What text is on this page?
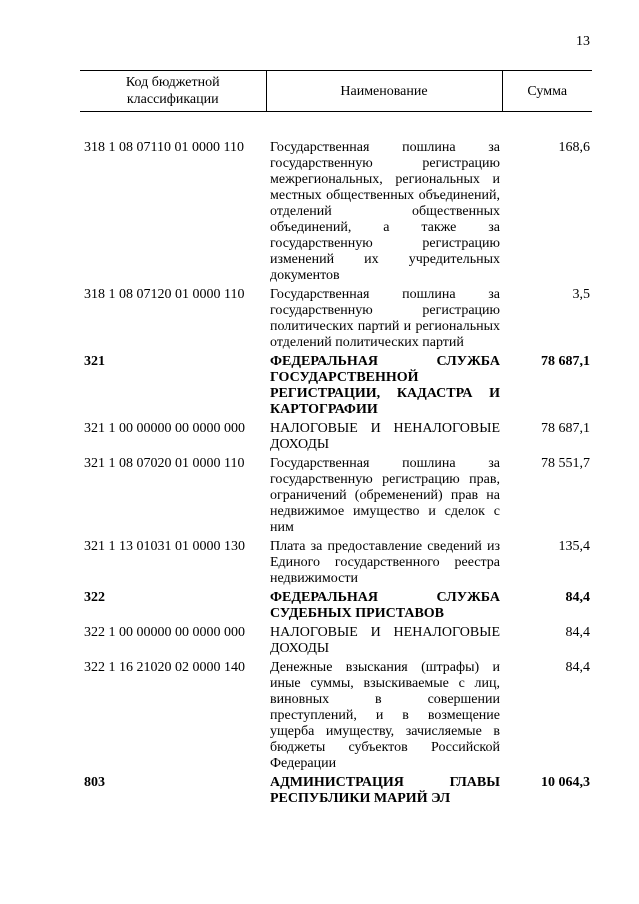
13
Код бюджетной классификации	Наименование	Сумма

318 1 08 07110 01 0000 110	Государственная пошлина за государственную регистрацию межрегиональных, региональных и местных общественных объединений, отделений общественных объединений, а также за государственную регистрацию изменений их учредительных документов	168,6
318 1 08 07120 01 0000 110	Государственная пошлина за государственную регистрацию политических партий и региональных отделений политических партий	3,5
321	ФЕДЕРАЛЬНАЯ СЛУЖБА ГОСУДАРСТВЕННОЙ РЕГИСТРАЦИИ, КАДАСТРА И КАРТОГРАФИИ	78 687,1
321 1 00 00000 00 0000 000	НАЛОГОВЫЕ И НЕНАЛОГОВЫЕ ДОХОДЫ	78 687,1
321 1 08 07020 01 0000 110	Государственная пошлина за государственную регистрацию прав, ограничений (обременений) прав на недвижимое имущество и сделок с ним	78 551,7
321 1 13 01031 01 0000 130	Плата за предоставление сведений из Единого государственного реестра недвижимости	135,4
322	ФЕДЕРАЛЬНАЯ СЛУЖБА СУДЕБНЫХ ПРИСТАВОВ	84,4
322 1 00 00000 00 0000 000	НАЛОГОВЫЕ И НЕНАЛОГОВЫЕ ДОХОДЫ	84,4
322 1 16 21020 02 0000 140	Денежные взыскания (штрафы) и иные суммы, взыскиваемые с лиц, виновных в совершении преступлений, и в возмещение ущерба имуществу, зачисляемые в бюджеты субъектов Российской Федерации	84,4
803	АДМИНИСТРАЦИЯ ГЛАВЫ РЕСПУБЛИКИ МАРИЙ ЭЛ	10 064,3
